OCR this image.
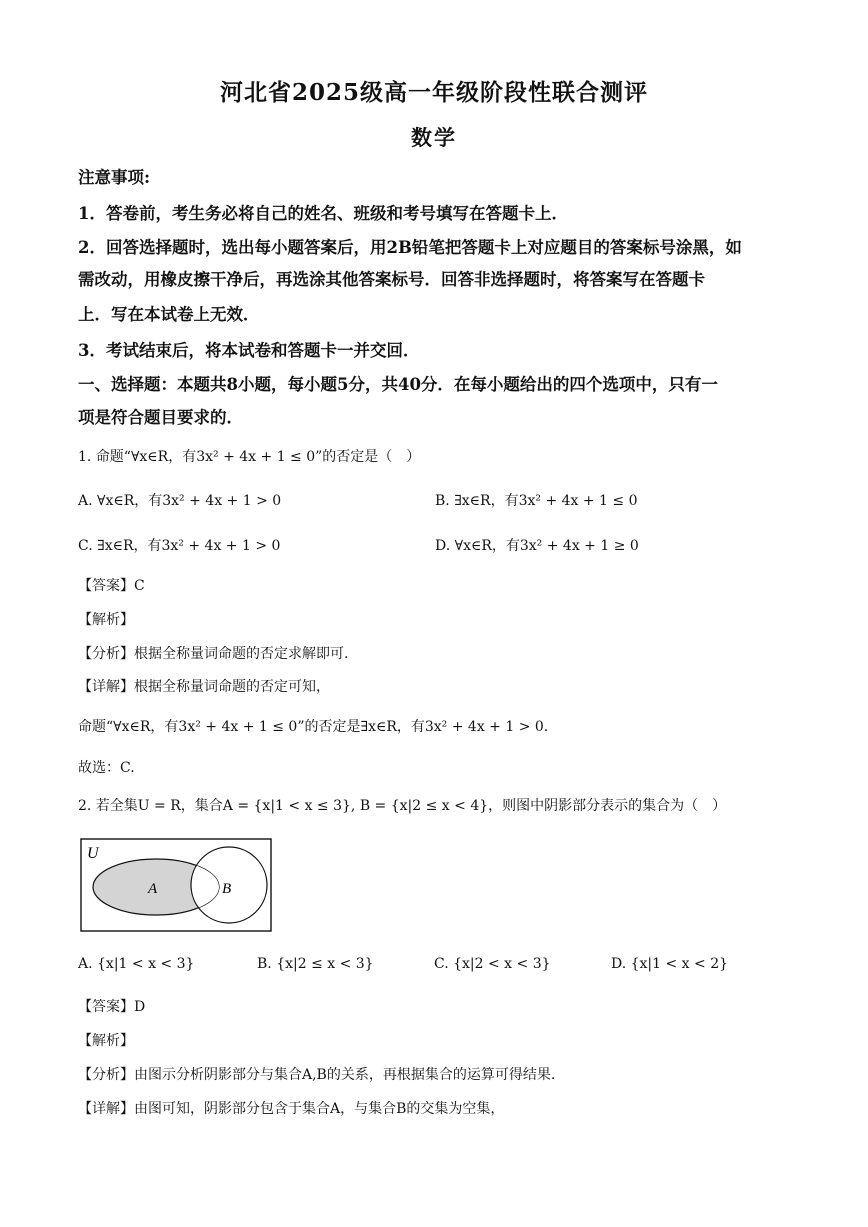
河北省2025级高一年级阶段性联合测评
数学
注意事项:
1．答卷前，考生务必将自己的姓名、班级和考号填写在答题卡上．
2．回答选择题时，选出每小题答案后，用2B铅笔把答题卡上对应题目的答案标号涂黑，如
需改动，用橡皮擦干净后，再选涂其他答案标号．回答非选择题时，将答案写在答题卡
上．写在本试卷上无效．
3．考试结束后，将本试卷和答题卡一并交回．
一、选择题：本题共8小题，每小题5分，共40分．在每小题给出的四个选项中，只有一
项是符合题目要求的．
1. 命题“∀x∈R，有3x² + 4x + 1 ≤ 0”的否定是（　）
A. ∀x∈R，有3x² + 4x + 1 > 0	B. ∃x∈R，有3x² + 4x + 1 ≤ 0
C. ∃x∈R，有3x² + 4x + 1 > 0	D. ∀x∈R，有3x² + 4x + 1 ≥ 0
【答案】C
【解析】
【分析】根据全称量词命题的否定求解即可.
【详解】根据全称量词命题的否定可知，
命题“∀x∈R，有3x² + 4x + 1 ≤ 0”的否定是∃x∈R，有3x² + 4x + 1 > 0.
故选：C.
2. 若全集U = R，集合A = {x|1 < x ≤ 3}, B = {x|2 ≤ x < 4}，则图中阴影部分表示的集合为（　）
U
A	B
A. {x|1 < x < 3}	B. {x|2 ≤ x < 3}	C. {x|2 < x < 3}	D. {x|1 < x < 2}
【答案】D
【解析】
【分析】由图示分析阴影部分与集合A,B的关系，再根据集合的运算可得结果.
【详解】由图可知，阴影部分包含于集合A，与集合B的交集为空集，
